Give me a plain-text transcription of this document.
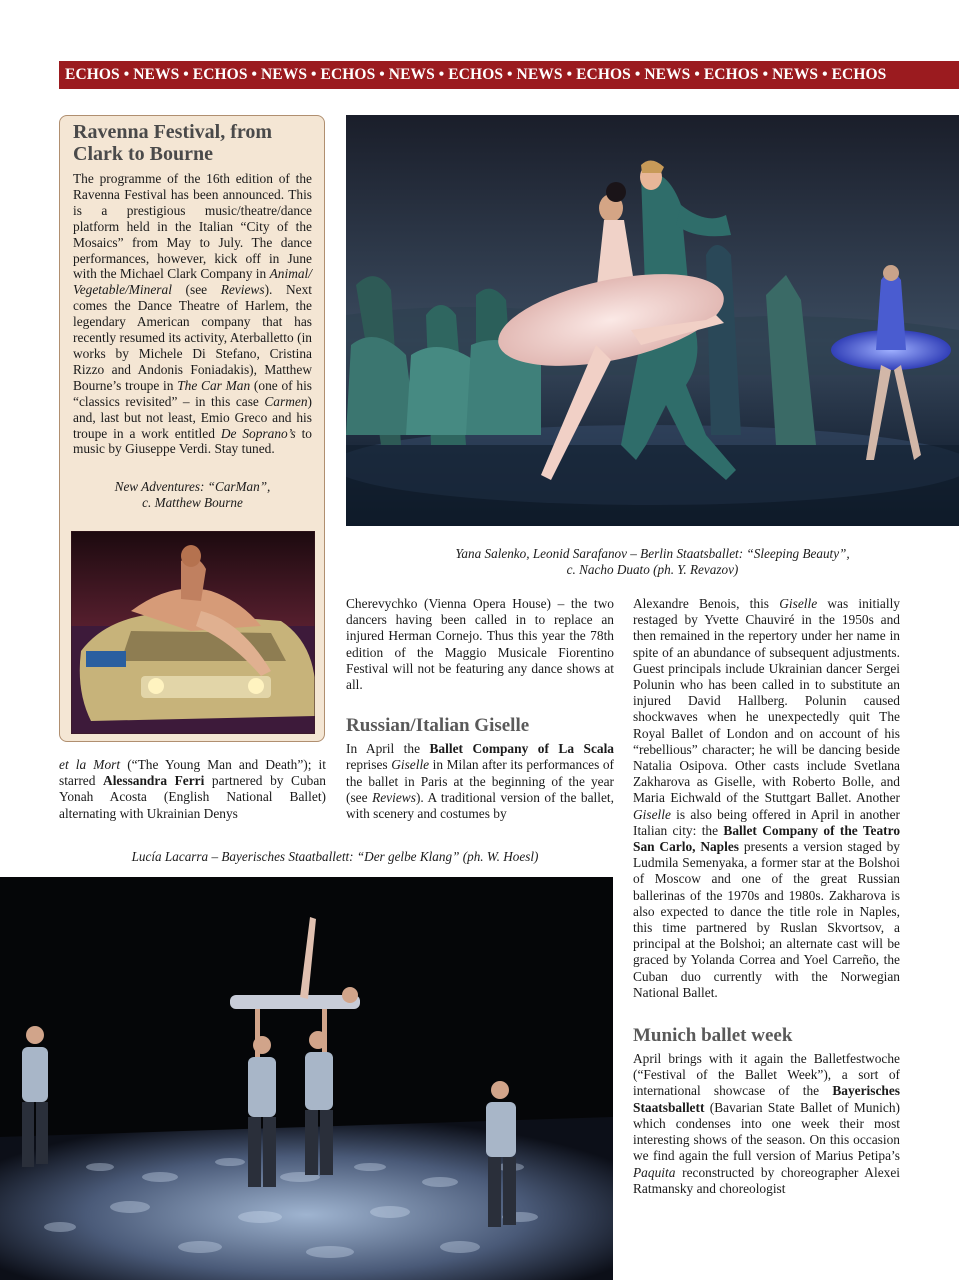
ECHOS • NEWS • ECHOS • NEWS • ECHOS • NEWS • ECHOS • NEWS • ECHOS • NEWS • ECHOS • NEWS • ECHOS
Ravenna Festival, from Clark to Bourne

The programme of the 16th edition of the Ravenna Festival has been announced. This is a prestigious music/theatre/dance platform held in the Italian “City of the Mosaics” from May to July. The dance performances, however, kick off in June with the Michael Clark Company in Animal/ Vegetable/Mineral (see Reviews). Next comes the Dance Theatre of Harlem, the legendary American company that has recently resumed its activity, Aterballetto (in works by Michele Di Stefano, Cristina Rizzo and Andonis Foniadakis), Matthew Bourne’s troupe in The Car Man (one of his “classics revisited” – in this case Carmen) and, last but not least, Emio Greco and his troupe in a work entitled De Soprano’s to music by Giuseppe Verdi. Stay tuned.

New Adventures: “CarMan”,
c. Matthew Bourne
Yana Salenko, Leonid Sarafanov – Berlin Staatsballet: “Sleeping Beauty”,
c. Nacho Duato (ph. Y. Revazov)

et la Mort (“The Young Man and Death”); it starred Alessandra Ferri partnered by Cuban Yonah Acosta (English National Ballet) alternating with Ukrainian Denys

Cherevychko (Vienna Opera House) – the two dancers having been called in to replace an injured Herman Cornejo. Thus this year the 78th edition of the Maggio Musicale Fiorentino Festival will not be featuring any dance shows at all.

Russian/Italian Giselle

In April the Ballet Company of La Scala reprises Giselle in Milan after its performances of the ballet in Paris at the beginning of the year (see Reviews). A traditional version of the ballet, with scenery and costumes by

Alexandre Benois, this Giselle was initially restaged by Yvette Chauviré in the 1950s and then remained in the repertory under her name in spite of an abundance of subsequent adjustments. Guest principals include Ukrainian dancer Sergei Polunin who has been called in to substitute an injured David Hallberg. Polunin caused shockwaves when he unexpectedly quit The Royal Ballet of London and on account of his “rebellious” character; he will be dancing beside Natalia Osipova. Other casts include Svetlana Zakharova as Giselle, with Roberto Bolle, and Maria Eichwald of the Stuttgart Ballet. Another Giselle is also being offered in April in another Italian city: the Ballet Company of the Teatro San Carlo, Naples presents a version staged by Ludmila Semenyaka, a former star at the Bolshoi of Moscow and one of the great Russian ballerinas of the 1970s and 1980s. Zakharova is also expected to dance the title role in Naples, this time partnered by Ruslan Skvortsov, a principal at the Bolshoi; an alternate cast will be graced by Yolanda Correa and Yoel Carreño, the Cuban duo currently with the Norwegian National Ballet.

Munich ballet week

April brings with it again the Balletfestwoche (“Festival of the Ballet Week”), a sort of international showcase of the Bayerisches Staatsballett (Bavarian State Ballet of Munich) which condenses into one week their most interesting shows of the season. On this occasion we find again the full version of Marius Petipa’s Paquita reconstructed by choreographer Alexei Ratmansky and choreologist

Lucía Lacarra – Bayerisches Staatballett: “Der gelbe Klang” (ph. W. Hoesl)
